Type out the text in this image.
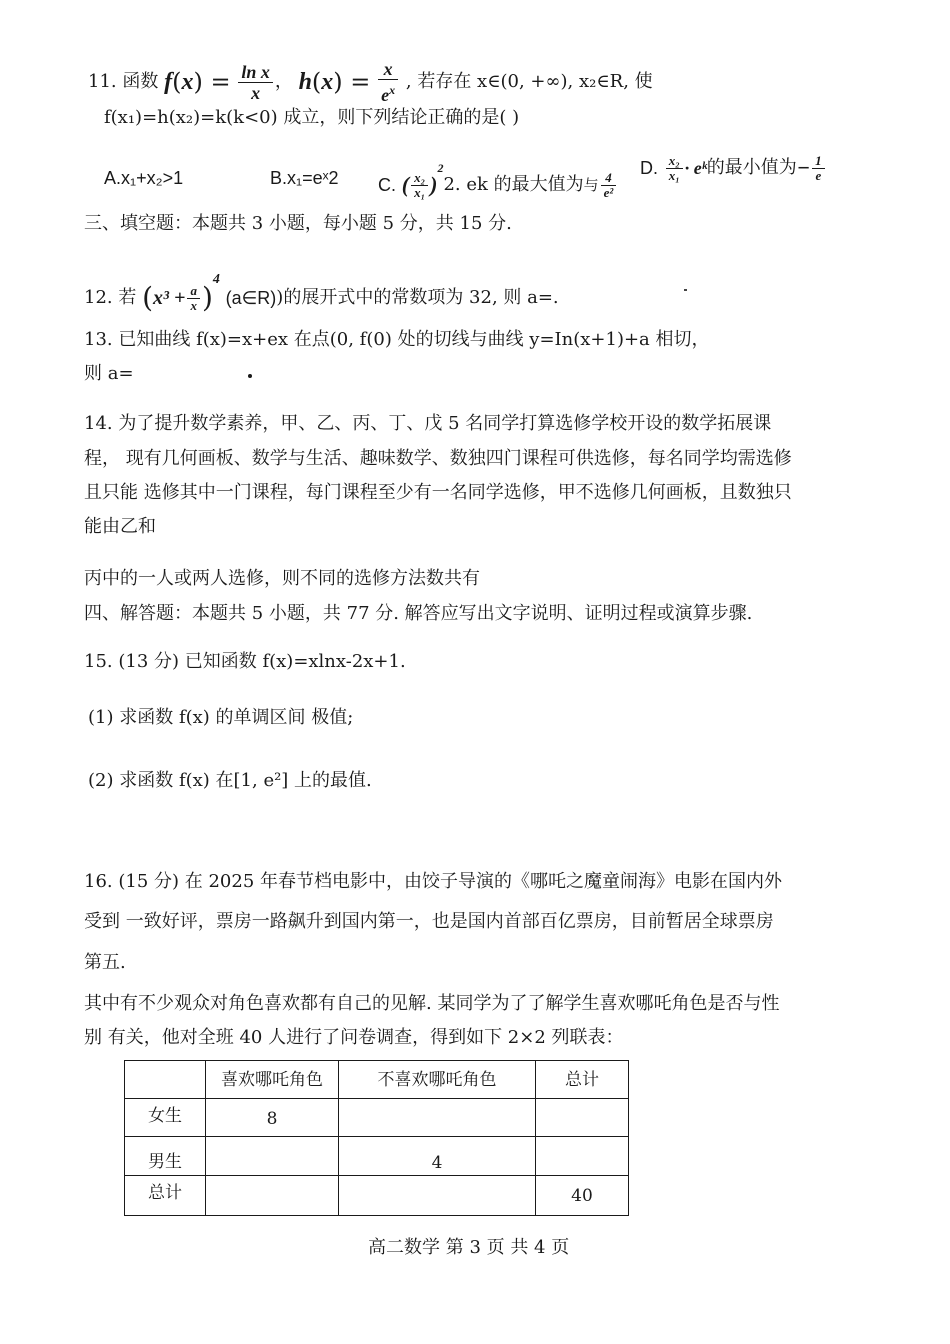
11. 函数 $f(x) = \frac{\text{ln x}}{x}$ ， $h(x) = \frac{x}{e^x}$ , 若存在 x∈(0, +∞), x₂∈R, 使
f(x₁)=h(x₂)=k(k<0) 成立，则下列结论正确的是( )
A.x₁+x₂>1	B.x₁=eˣ2 C. ( $\frac{\text{x₂}}{\text{x₁}} )^22$. ek 的最大值为与 $\frac{4}{\text{e²}}$
D. $\frac{\text{x₂}}{\text{x₁}}$ · eᵏ的最小值为− $\frac{1}{e}$
三、填空题：本题共 3 小题，每小题 5 分，共 15 分.
12. 若 $(x^3 + \frac{a}{x} )^4$ (a∈R))的展开式中的常数项为 32, 则 a=.
13. 已知曲线 f(x)=x+ex 在点(0, f(0) 处的切线与曲线 y=In(x+1)+a 相切，
则 a=
14. 为了提升数学素养，甲、乙、丙、丁、戊 5 名同学打算选修学校开设的数学拓展课
程， 现有几何画板、数学与生活、趣味数学、数独四门课程可供选修，每名同学均需选修
且只能 选修其中一门课程，每门课程至少有一名同学选修，甲不选修几何画板，且数独只
能由乙和
丙中的一人或两人选修，则不同的选修方法数共有
四、解答题：本题共 5 小题，共 77 分. 解答应写出文字说明、证明过程或演算步骤.
15. (13 分) 已知函数 f(x)=xlnx-2x+1.
(1) 求函数 f(x) 的单调区间 极值;
(2) 求函数 f(x) 在[1, e²] 上的最值.
16. (15 分) 在 2025 年春节档电影中，由饺子导演的《哪吒之魔童闹海》电影在国内外
受到 一致好评，票房一路飙升到国内第一，也是国内首部百亿票房，目前暂居全球票房
第五.
其中有不少观众对角色喜欢都有自己的见解. 某同学为了了解学生喜欢哪吒角色是否与性
别 有关，他对全班 40 人进行了问卷调查，得到如下 2×2 列联表：

	喜欢哪吒角色	不喜欢哪吒角色	总计

女生	8		

男生		4	

总计			40
高二数学 第 3 页 共 4 页
